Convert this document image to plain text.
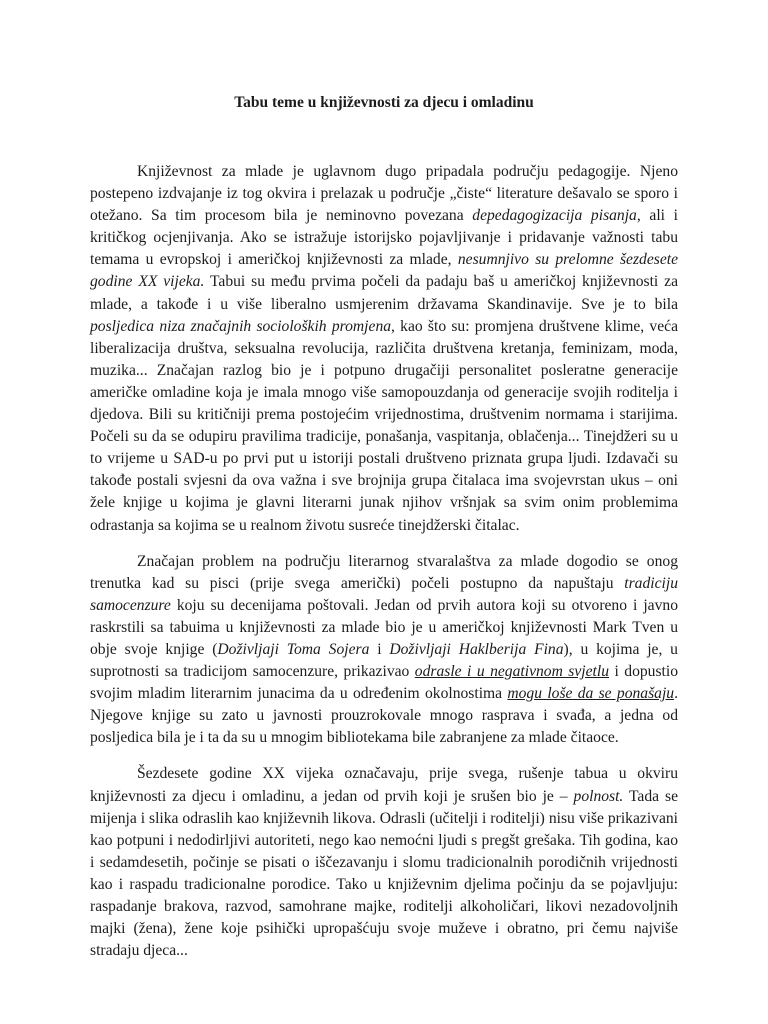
Tabu teme u književnosti za djecu i omladinu

Književnost za mlade je uglavnom dugo pripadala području pedagogije. Njeno postepeno izdvajanje iz tog okvira i prelazak u područje „čiste“ literature dešavalo se sporo i otežano. Sa tim procesom bila je neminovno povezana depedagogizacija pisanja, ali i kritičkog ocjenjivanja. Ako se istražuje istorijsko pojavljivanje i pridavanje važnosti tabu temama u evropskoj i američkoj književnosti za mlade, nesumnjivo su prelomne šezdesete godine XX vijeka. Tabui su među prvima počeli da padaju baš u američkoj književnosti za mlade, a takođe i u više liberalno usmjerenim državama Skandinavije. Sve je to bila posljedica niza značajnih socioloških promjena, kao što su: promjena društvene klime, veća liberalizacija društva, seksualna revolucija, različita društvena kretanja, feminizam, moda, muzika... Značajan razlog bio je i potpuno drugačiji personalitet posleratne generacije američke omladine koja je imala mnogo više samopouzdanja od generacije svojih roditelja i djedova. Bili su kritičniji prema postojećim vrijednostima, društvenim normama i starijima. Počeli su da se odupiru pravilima tradicije, ponašanja, vaspitanja, oblačenja... Tinejdžeri su u to vrijeme u SAD-u po prvi put u istoriji postali društveno priznata grupa ljudi. Izdavači su takođe postali svjesni da ova važna i sve brojnija grupa čitalaca ima svojevrstan ukus – oni žele knjige u kojima je glavni literarni junak njihov vršnjak sa svim onim problemima odrastanja sa kojima se u realnom životu susreće tinejdžerski čitalac.

Značajan problem na području literarnog stvaralaštva za mlade dogodio se onog trenutka kad su pisci (prije svega američki) počeli postupno da napuštaju tradiciju samocenzure koju su decenijama poštovali. Jedan od prvih autora koji su otvoreno i javno raskrstili sa tabuima u književnosti za mlade bio je u američkoj književnosti Mark Tven u obje svoje knjige (Doživljaji Toma Sojera i Doživljaji Haklberija Fina), u kojima je, u suprotnosti sa tradicijom samocenzure, prikazivao odrasle i u negativnom svjetlu i dopustio svojim mladim literarnim junacima da u određenim okolnostima mogu loše da se ponašaju. Njegove knjige su zato u javnosti prouzrokovale mnogo rasprava i svađa, a jedna od posljedica bila je i ta da su u mnogim bibliotekama bile zabranjene za mlade čitaoce.

Šezdesete godine XX vijeka označavaju, prije svega, rušenje tabua u okviru književnosti za djecu i omladinu, a jedan od prvih koji je srušen bio je – polnost. Tada se mijenja i slika odraslih kao književnih likova. Odrasli (učitelji i roditelji) nisu više prikazivani kao potpuni i nedodirljivi autoriteti, nego kao nemoćni ljudi s pregšt grešaka. Tih godina, kao i sedamdesetih, počinje se pisati o iščezavanju i slomu tradicionalnih porodičnih vrijednosti kao i raspadu tradicionalne porodice. Tako u književnim djelima počinju da se pojavljuju: raspadanje brakova, razvod, samohrane majke, roditelji alkoholičari, likovi nezadovoljnih majki (žena), žene koje psihički upropašćuju svoje muževe i obratno, pri čemu najviše stradaju djeca...
